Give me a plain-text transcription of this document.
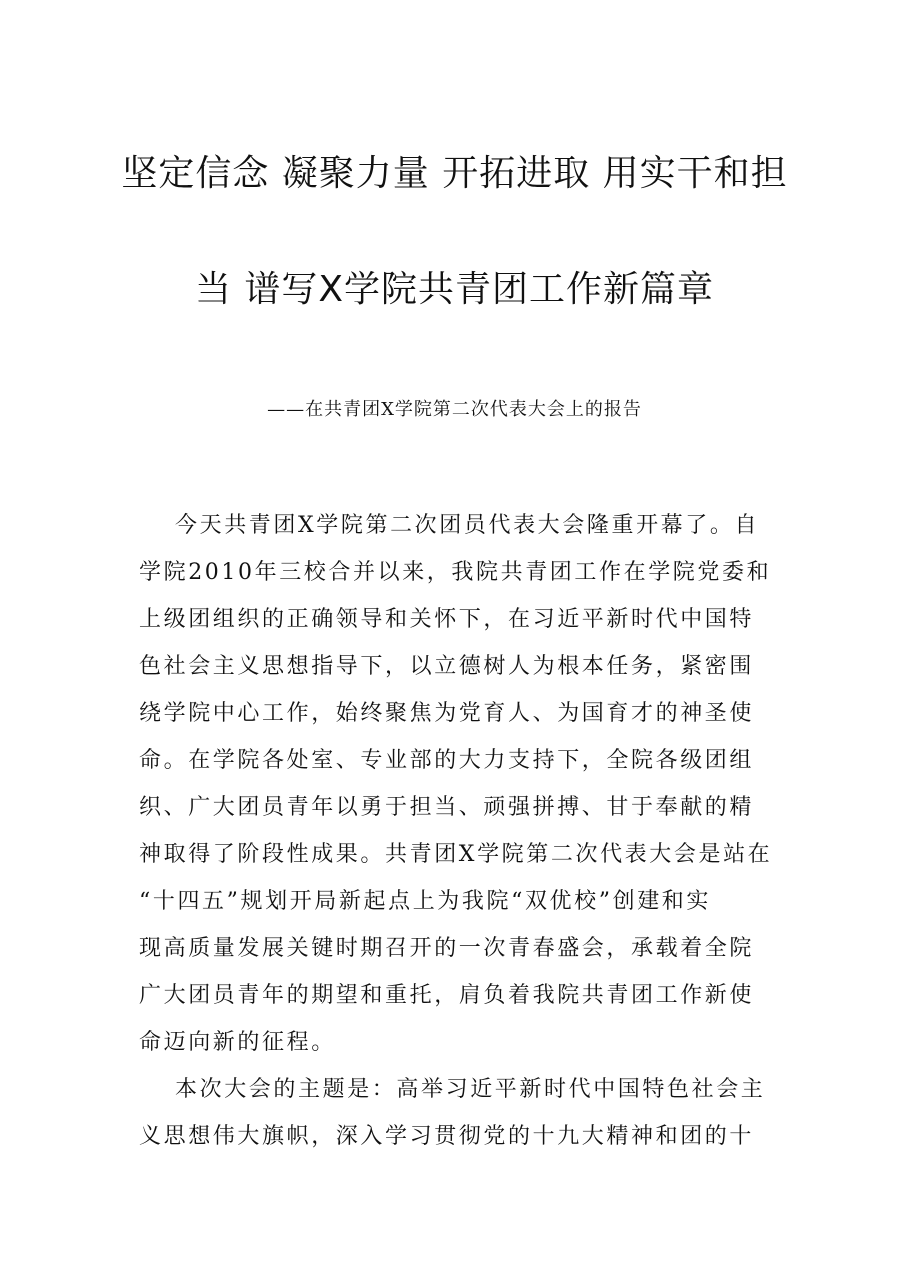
坚定信念 凝聚力量 开拓进取 用实干和担
当 谱写X学院共青团工作新篇章
——在共青团X学院第二次代表大会上的报告
今天共青团X学院第二次团员代表大会隆重开幕了。自
学院2010年三校合并以来，我院共青团工作在学院党委和
上级团组织的正确领导和关怀下，在习近平新时代中国特
色社会主义思想指导下，以立德树人为根本任务，紧密围
绕学院中心工作，始终聚焦为党育人、为国育才的神圣使
命。在学院各处室、专业部的大力支持下，全院各级团组
织、广大团员青年以勇于担当、顽强拼搏、甘于奉献的精
神取得了阶段性成果。共青团X学院第二次代表大会是站在
“十四五”规划开局新起点上为我院“双优校”创建和实
现高质量发展关键时期召开的一次青春盛会，承载着全院
广大团员青年的期望和重托，肩负着我院共青团工作新使
命迈向新的征程。
本次大会的主题是：高举习近平新时代中国特色社会主
义思想伟大旗帜，深入学习贯彻党的十九大精神和团的十
